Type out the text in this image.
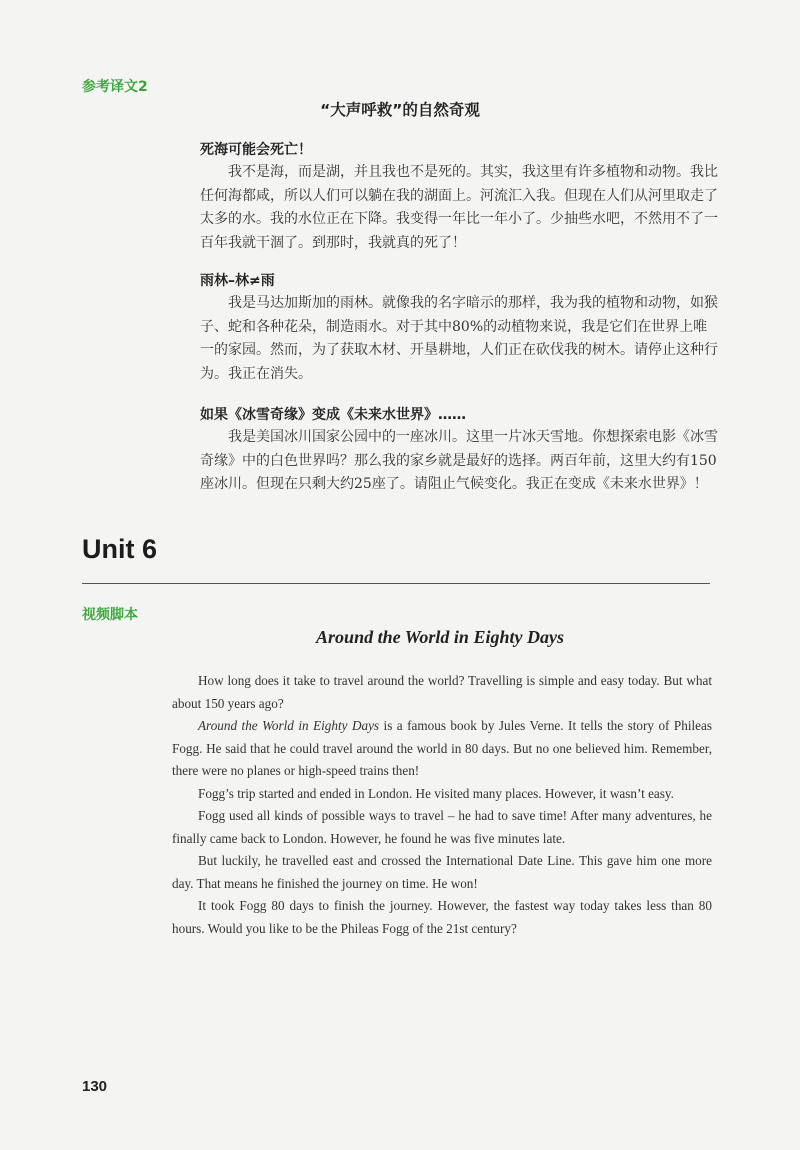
参考译文2
“大声呼救”的自然奇观
死海可能会死亡！

我不是海，而是湖，并且我也不是死的。其实，我这里有许多植物和动物。我比任何海都咸，所以人们可以躺在我的湖面上。河流汇入我。但现在人们从河里取走了太多的水。我的水位正在下降。我变得一年比一年小了。少抽些水吧，不然用不了一百年我就干涸了。到那时，我就真的死了！

雨林–林≠雨

我是马达加斯加的雨林。就像我的名字暗示的那样，我为我的植物和动物，如猴子、蛇和各种花朵，制造雨水。对于其中80%的动植物来说，我是它们在世界上唯一的家园。然而，为了获取木材、开垦耕地，人们正在砍伐我的树木。请停止这种行为。我正在消失。

如果《冰雪奇缘》变成《未来水世界》……

我是美国冰川国家公园中的一座冰川。这里一片冰天雪地。你想探索电影《冰雪奇缘》中的白色世界吗？那么我的家乡就是最好的选择。两百年前，这里大约有150座冰川。但现在只剩大约25座了。请阻止气候变化。我正在变成《未来水世界》！

Unit 6
视频脚本
Around the World in Eighty Days

How long does it take to travel around the world? Travelling is simple and easy today. But what about 150 years ago?

Around the World in Eighty Days is a famous book by Jules Verne. It tells the story of Phileas Fogg. He said that he could travel around the world in 80 days. But no one believed him. Remember, there were no planes or high-speed trains then!

Fogg’s trip started and ended in London. He visited many places. However, it wasn’t easy.

Fogg used all kinds of possible ways to travel – he had to save time! After many adventures, he finally came back to London. However, he found he was five minutes late.

But luckily, he travelled east and crossed the International Date Line. This gave him one more day. That means he finished the journey on time. He won!

It took Fogg 80 days to finish the journey. However, the fastest way today takes less than 80 hours. Would you like to be the Phileas Fogg of the 21st century?

130
